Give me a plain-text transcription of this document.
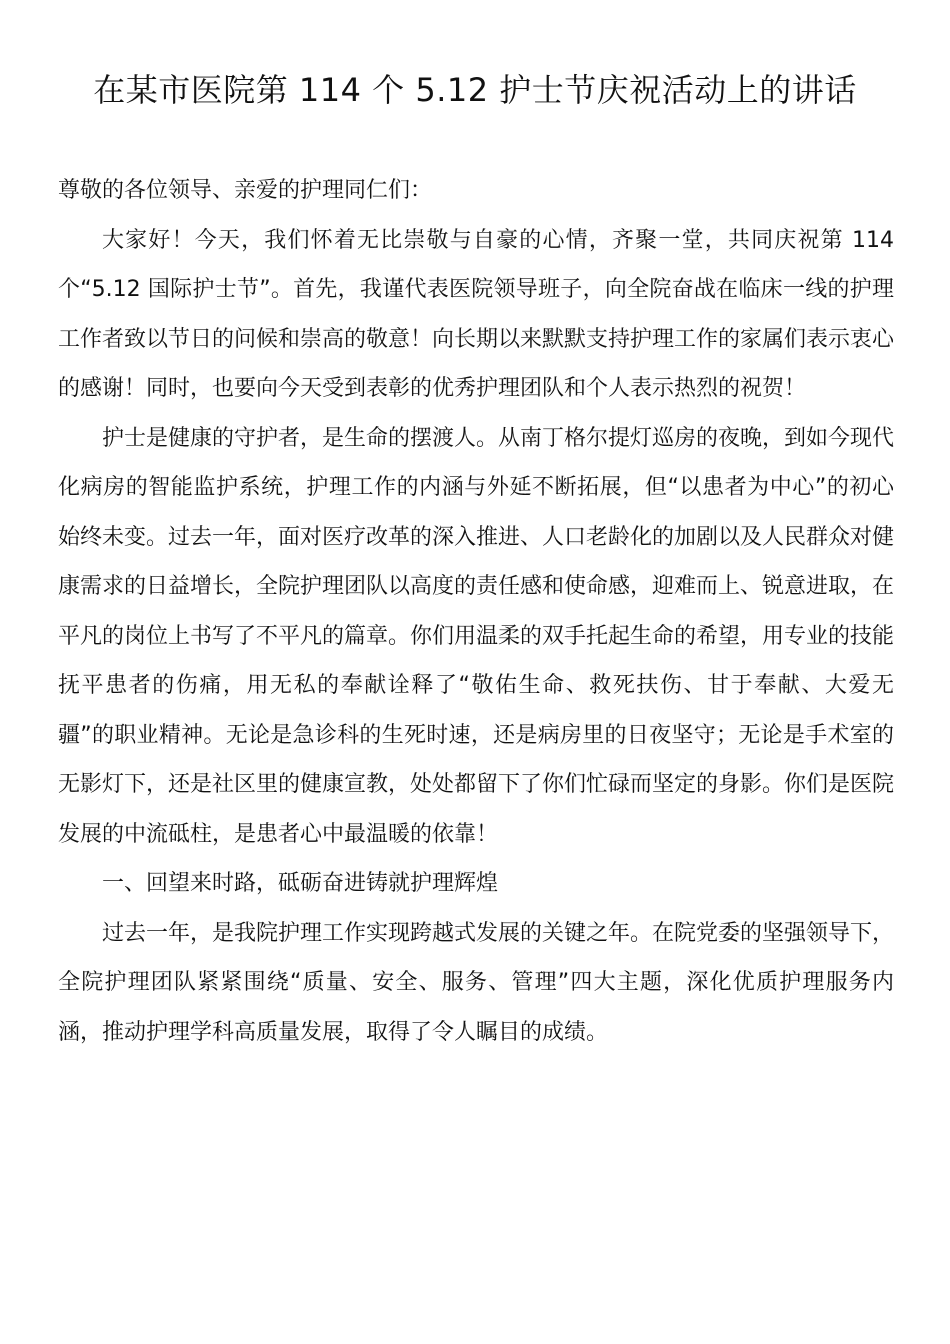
在某市医院第 114 个 5.12 护士节庆祝活动上的讲话

尊敬的各位领导、亲爱的护理同仁们：

大家好！今天，我们怀着无比崇敬与自豪的心情，齐聚一堂，共同庆祝第 114 个“5.12 国际护士节”。首先，我谨代表医院领导班子，向全院奋战在临床一线的护理工作者致以节日的问候和崇高的敬意！向长期以来默默支持护理工作的家属们表示衷心的感谢！同时，也要向今天受到表彰的优秀护理团队和个人表示热烈的祝贺！

护士是健康的守护者，是生命的摆渡人。从南丁格尔提灯巡房的夜晚，到如今现代化病房的智能监护系统，护理工作的内涵与外延不断拓展，但“以患者为中心”的初心始终未变。过去一年，面对医疗改革的深入推进、人口老龄化的加剧以及人民群众对健康需求的日益增长，全院护理团队以高度的责任感和使命感，迎难而上、锐意进取，在平凡的岗位上书写了不平凡的篇章。你们用温柔的双手托起生命的希望，用专业的技能抚平患者的伤痛，用无私的奉献诠释了“敬佑生命、救死扶伤、甘于奉献、大爱无疆”的职业精神。无论是急诊科的生死时速，还是病房里的日夜坚守；无论是手术室的无影灯下，还是社区里的健康宣教，处处都留下了你们忙碌而坚定的身影。你们是医院发展的中流砥柱，是患者心中最温暖的依靠！

一、回望来时路，砥砺奋进铸就护理辉煌

过去一年，是我院护理工作实现跨越式发展的关键之年。在院党委的坚强领导下，全院护理团队紧紧围绕“质量、安全、服务、管理”四大主题，深化优质护理服务内涵，推动护理学科高质量发展，取得了令人瞩目的成绩。
